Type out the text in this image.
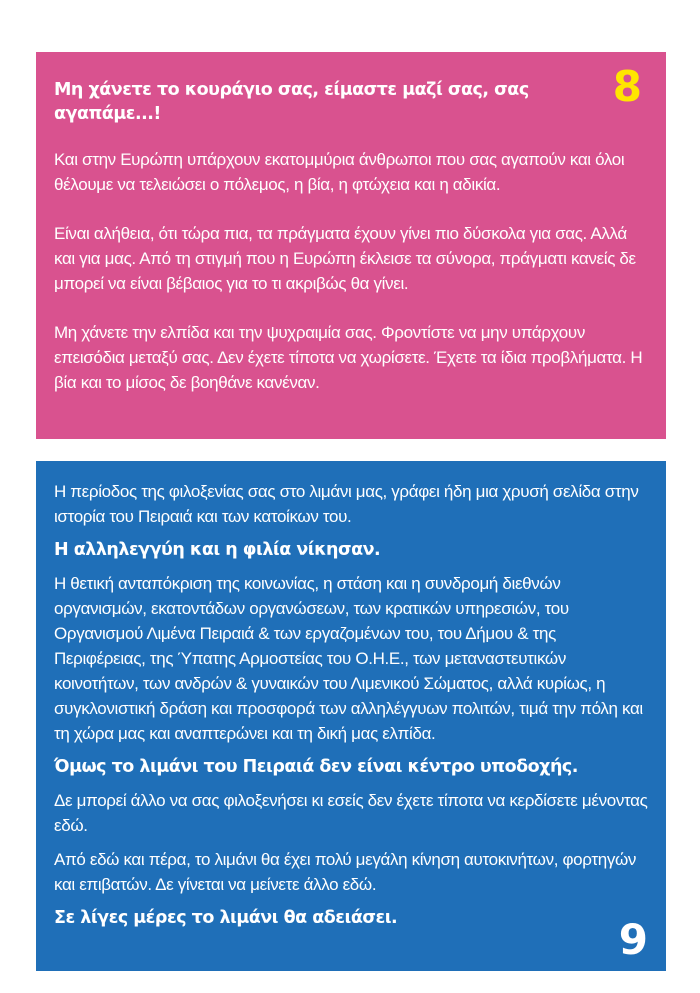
8

Μη χάνετε το κουράγιο σας, είμαστε μαζί σας, σας αγαπάμε...!

Και στην Ευρώπη υπάρχουν εκατομμύρια άνθρωποι που σας αγαπούν και όλοι θέλουμε να τελειώσει ο πόλεμος, η βία, η φτώχεια και η αδικία.

Είναι αλήθεια, ότι τώρα πια, τα πράγματα έχουν γίνει πιο δύσκολα για σας. Αλλά και για μας. Από τη στιγμή που η Ευρώπη έκλεισε τα σύνορα, πράγματι κανείς δε μπορεί να είναι βέβαιος για το τι ακριβώς θα γίνει.

Μη χάνετε την ελπίδα και την ψυχραιμία σας. Φροντίστε να μην υπάρχουν επεισόδια μεταξύ σας. Δεν έχετε τίποτα να χωρίσετε. Έχετε τα ίδια προβλήματα. Η βία και το μίσος δε βοηθάνε κανέναν.

Η περίοδος της φιλοξενίας σας στο λιμάνι μας, γράφει ήδη μια χρυσή σελίδα στην ιστορία του Πειραιά και των κατοίκων του.

Η αλληλεγγύη και η φιλία νίκησαν.

Η θετική ανταπόκριση της κοινωνίας, η στάση και η συνδρομή διεθνών οργανισμών, εκατοντάδων οργανώσεων, των κρατικών υπηρεσιών, του Οργανισμού Λιμένα Πειραιά & των εργαζομένων του, του Δήμου & της Περιφέρειας, της Ύπατης Αρμοστείας του Ο.Η.Ε., των μεταναστευτικών κοινοτήτων, των ανδρών & γυναικών του Λιμενικού Σώματος, αλλά κυρίως, η συγκλονιστική δράση και προσφορά των αλληλέγγυων πολιτών, τιμά την πόλη και τη χώρα μας και αναπτερώνει και τη δική μας ελπίδα.

Όμως το λιμάνι του Πειραιά δεν είναι κέντρο υποδοχής.

Δε μπορεί άλλο να σας φιλοξενήσει κι εσείς δεν έχετε τίποτα να κερδίσετε μένοντας εδώ.

Από εδώ και πέρα, το λιμάνι θα έχει πολύ μεγάλη κίνηση αυτοκινήτων, φορτηγών και επιβατών. Δε γίνεται να μείνετε άλλο εδώ.

Σε λίγες μέρες το λιμάνι θα αδειάσει.	9
